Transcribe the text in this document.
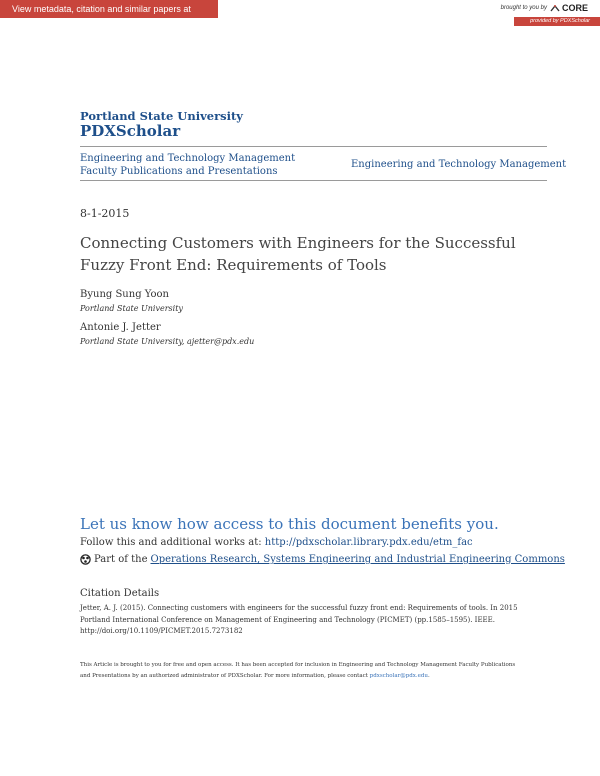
View metadata, citation and similar papers at core.ac.uk
brought to you by CORE
provided by PDXScholar
Portland State University
PDXScholar
Engineering and Technology Management Faculty Publications and Presentations
Engineering and Technology Management
8-1-2015
Connecting Customers with Engineers for the Successful Fuzzy Front End: Requirements of Tools
Byung Sung Yoon
Portland State University
Antonie J. Jetter
Portland State University, ajetter@pdx.edu
Let us know how access to this document benefits you.
Follow this and additional works at: http://pdxscholar.library.pdx.edu/etm_fac
Part of the Operations Research, Systems Engineering and Industrial Engineering Commons
Citation Details
Jetter, A. J. (2015). Connecting customers with engineers for the successful fuzzy front end: Requirements of tools. In 2015 Portland International Conference on Management of Engineering and Technology (PICMET) (pp.1585–1595). IEEE. http://doi.org/10.1109/PICMET.2015.7273182
This Article is brought to you for free and open access. It has been accepted for inclusion in Engineering and Technology Management Faculty Publications and Presentations by an authorized administrator of PDXScholar. For more information, please contact pdxscholar@pdx.edu.
